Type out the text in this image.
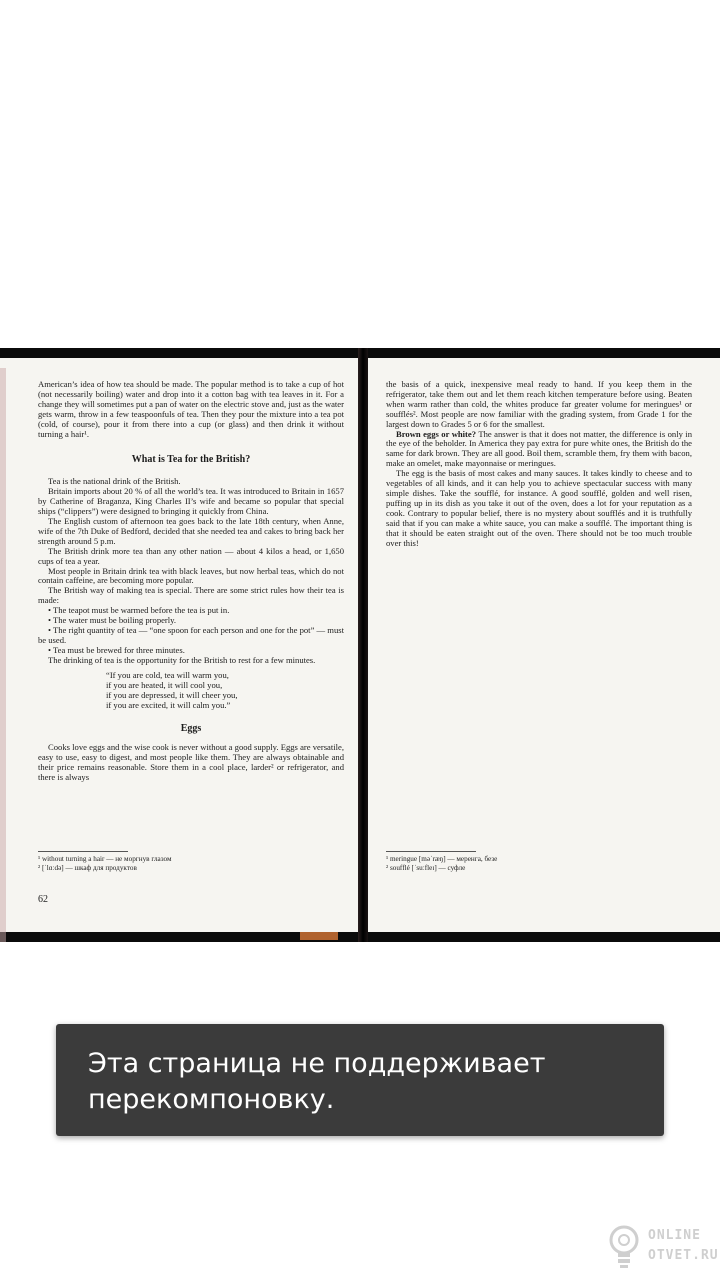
American’s idea of how tea should be made. The popular method is to take a cup of hot (not necessarily boiling) water and drop into it a cotton bag with tea leaves in it. For a change they will sometimes put a pan of water on the electric stove and, just as the water gets warm, throw in a few teaspoonfuls of tea. Then they pour the mixture into a tea pot (cold, of course), pour it from there into a cup (or glass) and then drink it without turning a hair¹.

What is Tea for the British?

Tea is the national drink of the British.

Britain imports about 20 % of all the world’s tea. It was introduced to Britain in 1657 by Catherine of Braganza, King Charles II’s wife and became so popular that special ships (“clippers”) were designed to bringing it quickly from China.

The English custom of afternoon tea goes back to the late 18th century, when Anne, wife of the 7th Duke of Bedford, decided that she needed tea and cakes to bring back her strength around 5 p.m.

The British drink more tea than any other nation — about 4 kilos a head, or 1,650 cups of tea a year.

Most people in Britain drink tea with black leaves, but now herbal teas, which do not contain caffeine, are becoming more popular.

The British way of making tea is special. There are some strict rules how their tea is made:

• The teapot must be warmed before the tea is put in.
• The water must be boiling properly.
• The right quantity of tea — “one spoon for each person and one for the pot” — must be used.
• Tea must be brewed for three minutes.

The drinking of tea is the opportunity for the British to rest for a few minutes.

“If you are cold, tea will warm you,
if you are heated, it will cool you,
if you are depressed, it will cheer you,
if you are excited, it will calm you.”
Eggs

Cooks love eggs and the wise cook is never without a good supply. Eggs are versatile, easy to use, easy to digest, and most people like them. They are always obtainable and their price remains reasonable. Store them in a cool place, larder² or refrigerator, and there is always

¹ without turning a hair — не моргнув глазом
² [ˈlɑːdə] — шкаф для продуктов
62

the basis of a quick, inexpensive meal ready to hand. If you keep them in the refrigerator, take them out and let them reach kitchen temperature before using. Beaten when warm rather than cold, the whites produce far greater volume for meringues¹ or soufflés². Most people are now familiar with the grading system, from Grade 1 for the largest down to Grades 5 or 6 for the smallest.

Brown eggs or white? The answer is that it does not matter, the difference is only in the eye of the beholder. In America they pay extra for pure white ones, the British do the same for dark brown. They are all good. Boil them, scramble them, fry them with bacon, make an omelet, make mayonnaise or meringues.

The egg is the basis of most cakes and many sauces. It takes kindly to cheese and to vegetables of all kinds, and it can help you to achieve spectacular success with many simple dishes. Take the soufflé, for instance. A good soufflé, golden and well risen, puffing up in its dish as you take it out of the oven, does a lot for your reputation as a cook. Contrary to popular belief, there is no mystery about soufflés and it is truthfully said that if you can make a white sauce, you can make a soufflé. The important thing is that it should be eaten straight out of the oven. There should not be too much trouble over this!

¹ meringue [məˈræŋ] — меренга, безе
² soufflé [ˈsuːfleɪ] — суфле
Эта страница не поддерживает перекомпоновку.
ONLINE
OTVET.RU
